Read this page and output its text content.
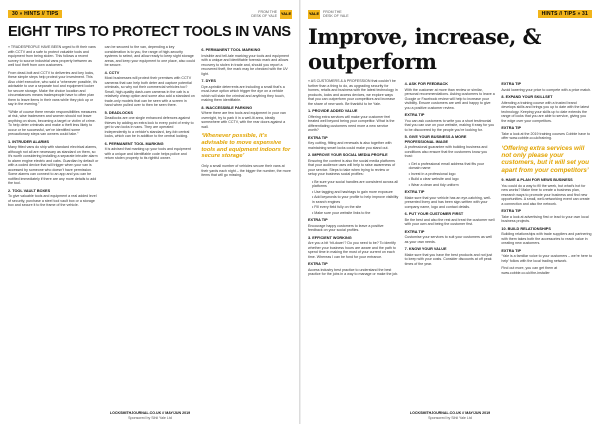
30 » HINTS // TIPS	FROM THE DESK OF YALE YALE
EIGHT TIPS TO PROTECT TOOLS IN VANS

» TRADESPEOPLE HAVE BEEN urged to fit their vans with CCTV and a safe to protect valuable tools and equipment from being stolen. This follows a recent survey to source industrial vans property between as well tool theft from own customers.

From dead-bolt and CCTV to deliveries and key locks, these simple steps help protect your investment. This Also chief executive, who said a “whenever possible, it's advisable to use a separate tool and equipment locker for secure storage. Make the choice location and circumstances means tradespeople have to often plan them to leave items in their vans while they pick up or say in the evening."

“While of course there remain responsibilities measures at risk, wise tradesmen and women should not leave anything on show, becoming a target or victim of crime. To help deter criminals and make a theft less likely to occur or be successful, we’ve identified some precautionary steps van owners could take.”

1. INTRUDER ALARMS

Many fitted vans do ship with standard electrical alarms, although not all are necessary as standard on them, so it’s worth considering installing a separate intruder alarm to alarm engine electric and cabs. Guardian by default or with a coded device that will trigger when your van is accessed by someone who doesn’t have permission. Some alarms can connect to an app and you can be notified immediately if there are any more details to add the tool.

2. TOOL VAULT BOXES

To give valuable tools and equipment a real added level of security, purchase a steel tool vault box or a storage box and secure it to the frame of the vehicle.

can be secured to the van, depending a key consideration is to you, the range of high-security systems to select, and allow ready to keep sight storage areas, and keep your equipment to one place, also could be secure.

4. CCTV

Most businesses will protect their premises with CCTV cameras that can help both deter and capture potential criminals, so why not their commercial vehicles too? Small, high-quality dash-cam cameras in the cab is a relatively cheap option and some also add a standard on trade-only models that can be seen with a screen in hand when pulled over to then be seen there.

5. DEADLOCKS

Deadlocks are one single enhanced defences against thieves by adding an extra lock to every point of entry to get to van locks in vans. They are operated independently to a vehicle’s standard, key-fob central locks, which can be in addition to the central locking.

6. PERMANENT TOOL MARKING

It is advised that marking up your tools and equipment with a unique and identifiable code helps police and return stolen property to its rightful owner.

6. PERMANENT TOOL MARKING

Invisible and tell-tale marking your tools and equipment with a unique and identifiable forensic mark and allows recovery to stolen in trade and, should you report a recovered theft, the mark may be checked with the UV light.

7. DYES

Dye-sprinkle deterrents are including a small that's a must-have option which trigger the dye on a vehicle which will stain the criminal and anything they touch, making them identifiable.

8. INACCESSIBLE PARKING

Where there are few tools and equipment in your van overnight, try to park it in a well-lit area, ideally somewhere with CCTV, with the rear doors against a wall.

‘Whenever possible, it’s advisable to move expensive tools and equipment indoors for secure storage’

Only a small number of vehicles secure their vans at their yards each night – the bigger the number, the more items that will go missing.

LOCKSMITHJOURNAL.CO.UK // MAY/JUN 2019
Sponsored by Sihli Yale Ltd
YALE FROM THE DESK OF YALE	HINTS // TIPS » 31
Improve, increase, & outperform

» AS CUSTOMERS & A PROFESSION that couldn’t be further than a thing to do, as upgrading security for homes, retails and business with the latest technology in products, locks and access devices, we explore ways that you can outperform your competitors and increase the share of new work. Be thankful to be Yale.

1. PROVIDE ADDED VALUE

Offering extra services will make your customer feel treated well beyond being your competitor. What is the differentiating customers need more a new service worth?

EXTRA TIP

Key cutting, fitting and renewals is also together with maintaining smart locks could make you stand out.

2. IMPROVE YOUR SOCIAL MEDIA PROFILE

Ensuring the content is also the social media platforms that your audience uses will help to raise awareness of your service. Steps to take when trying to review or setup your business social profiles:

• Be sure your social handles are consistent across all platforms
• Use tagging and hashtags to gain more exposure
• Add keywords to your profile to help improve visibility in search engines
• Fill every field fully on the site
• Make sure your website links to the
EXTRA TIP

Encourage happy customers to leave a positive feedback on your social profiles.

3. EFFICIENT WORKING

Are you a bit ‘hit-down’? Do you need to be? To identify whether your business hours are aware and the path to spend time in making the most of your current on each time. Whereas I can be fond for your entrance.

EXTRA TIP

Access industry best practice to understand the best practice for the jobs in a way to manage or make the job.

4. ASK FOR FEEDBACK

With the customer at more than review or similar, personal recommendations. Asking customers to leave a Google or Facebook review will help to increase your visibility. Ensure customers are well and happy to give you a positive customer review.

EXTRA TIP

You can ask customers to write you a short testimonial that you can use on your website, making it easy for you to be discovered by the people you’re looking for.

5. GIVE YOUR BUSINESS A MORE PROFESSIONAL IMAGE

A professional guarantee with building business and conditions also ensure that the customers know you trust:

• Get a professional email address that fits your domain name
• Invest in a professional logo
• Build a clear website and logo
• Wear a clean and tidy uniform
EXTRA TIP

Make sure that your vehicle has an eye-catching, well-presented livery and has been sign-written with your company name, logo and contact details.

6. PUT YOUR CUSTOMER FIRST

Be the best and also the rest and treat the customer well with your own and being the customer first.

EXTRA TIP

Customise your services to suit your customers as well as your own needs.

7. KNOW YOUR VALUE

Make sure that you have the best products and not just to keep with your costs. Consider discounts at off peak times of the year.

EXTRA TIP

Avoid lowering your price to compete with a price match.

8. EXPAND YOUR SKILLSET

Attending a training course with a trusted brand develops skills and brings you up to date with the latest technology. Keeping your skills up to date extends the range of locks that you are able to service, giving you the edge over your competitors.

EXTRA TIP

Take a look at the 2019 training courses Cobble have to offer www.cobble.co.uk/training.

‘Offering extra services will not only please your customers, but it will set you apart from your competitors’
9. HAVE A PLAN FOR NEWS BUSINESS

You could do a way to fill the week, but what’s hot for new works? Make time to create a business plan, research ways to promote your business and find new opportunities. A small, well-networking event can create a connection and also the network.

EXTRA TIP

Take a look at advertising first or lead to your own local business projects.

10. BUILD RELATIONSHIPS

Building relationships with trade suppliers and partnering with them takes both the accessories to reach value in creating new customers.

EXTRA TIP

‘Yale is a familiar voice to your customers – we’re here to help’ follow with the local trading network.

Find out more, you can get them at www.cobble.co.uk/the-installer

LOCKSMITHJOURNAL.CO.UK // MAY/JUN 2019
Sponsored by Sihli Yale Ltd
